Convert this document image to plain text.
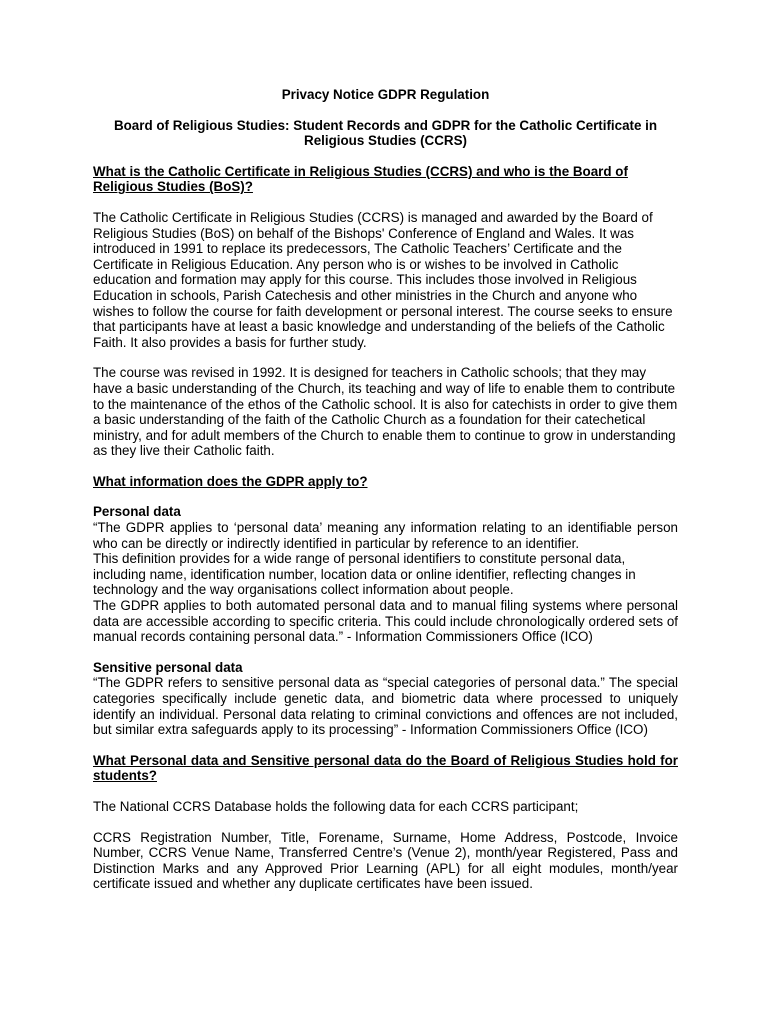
Privacy Notice GDPR Regulation

Board of Religious Studies: Student Records and GDPR for the Catholic Certificate in Religious Studies (CCRS)

What is the Catholic Certificate in Religious Studies (CCRS) and who is the Board of Religious Studies (BoS)?

The Catholic Certificate in Religious Studies (CCRS) is managed and awarded by the Board of Religious Studies (BoS) on behalf of the Bishops' Conference of England and Wales. It was introduced in 1991 to replace its predecessors, The Catholic Teachers’ Certificate and the Certificate in Religious Education. Any person who is or wishes to be involved in Catholic education and formation may apply for this course. This includes those involved in Religious Education in schools, Parish Catechesis and other ministries in the Church and anyone who wishes to follow the course for faith development or personal interest. The course seeks to ensure that participants have at least a basic knowledge and understanding of the beliefs of the Catholic Faith. It also provides a basis for further study.

The course was revised in 1992. It is designed for teachers in Catholic schools; that they may have a basic understanding of the Church, its teaching and way of life to enable them to contribute to the maintenance of the ethos of the Catholic school. It is also for catechists in order to give them a basic understanding of the faith of the Catholic Church as a foundation for their catechetical ministry, and for adult members of the Church to enable them to continue to grow in understanding as they live their Catholic faith.

What information does the GDPR apply to?

Personal data

“The GDPR applies to ‘personal data’ meaning any information relating to an identifiable person who can be directly or indirectly identified in particular by reference to an identifier.

This definition provides for a wide range of personal identifiers to constitute personal data, including name, identification number, location data or online identifier, reflecting changes in technology and the way organisations collect information about people.

The GDPR applies to both automated personal data and to manual filing systems where personal data are accessible according to specific criteria. This could include chronologically ordered sets of manual records containing personal data.” - Information Commissioners Office (ICO)

Sensitive personal data

“The GDPR refers to sensitive personal data as “special categories of personal data.” The special categories specifically include genetic data, and biometric data where processed to uniquely identify an individual. Personal data relating to criminal convictions and offences are not included, but similar extra safeguards apply to its processing” - Information Commissioners Office (ICO)

What Personal data and Sensitive personal data do the Board of Religious Studies hold for students?

The National CCRS Database holds the following data for each CCRS participant;

CCRS Registration Number, Title, Forename, Surname, Home Address, Postcode, Invoice Number, CCRS Venue Name, Transferred Centre’s (Venue 2), month/year Registered, Pass and Distinction Marks and any Approved Prior Learning (APL) for all eight modules, month/year certificate issued and whether any duplicate certificates have been issued.
